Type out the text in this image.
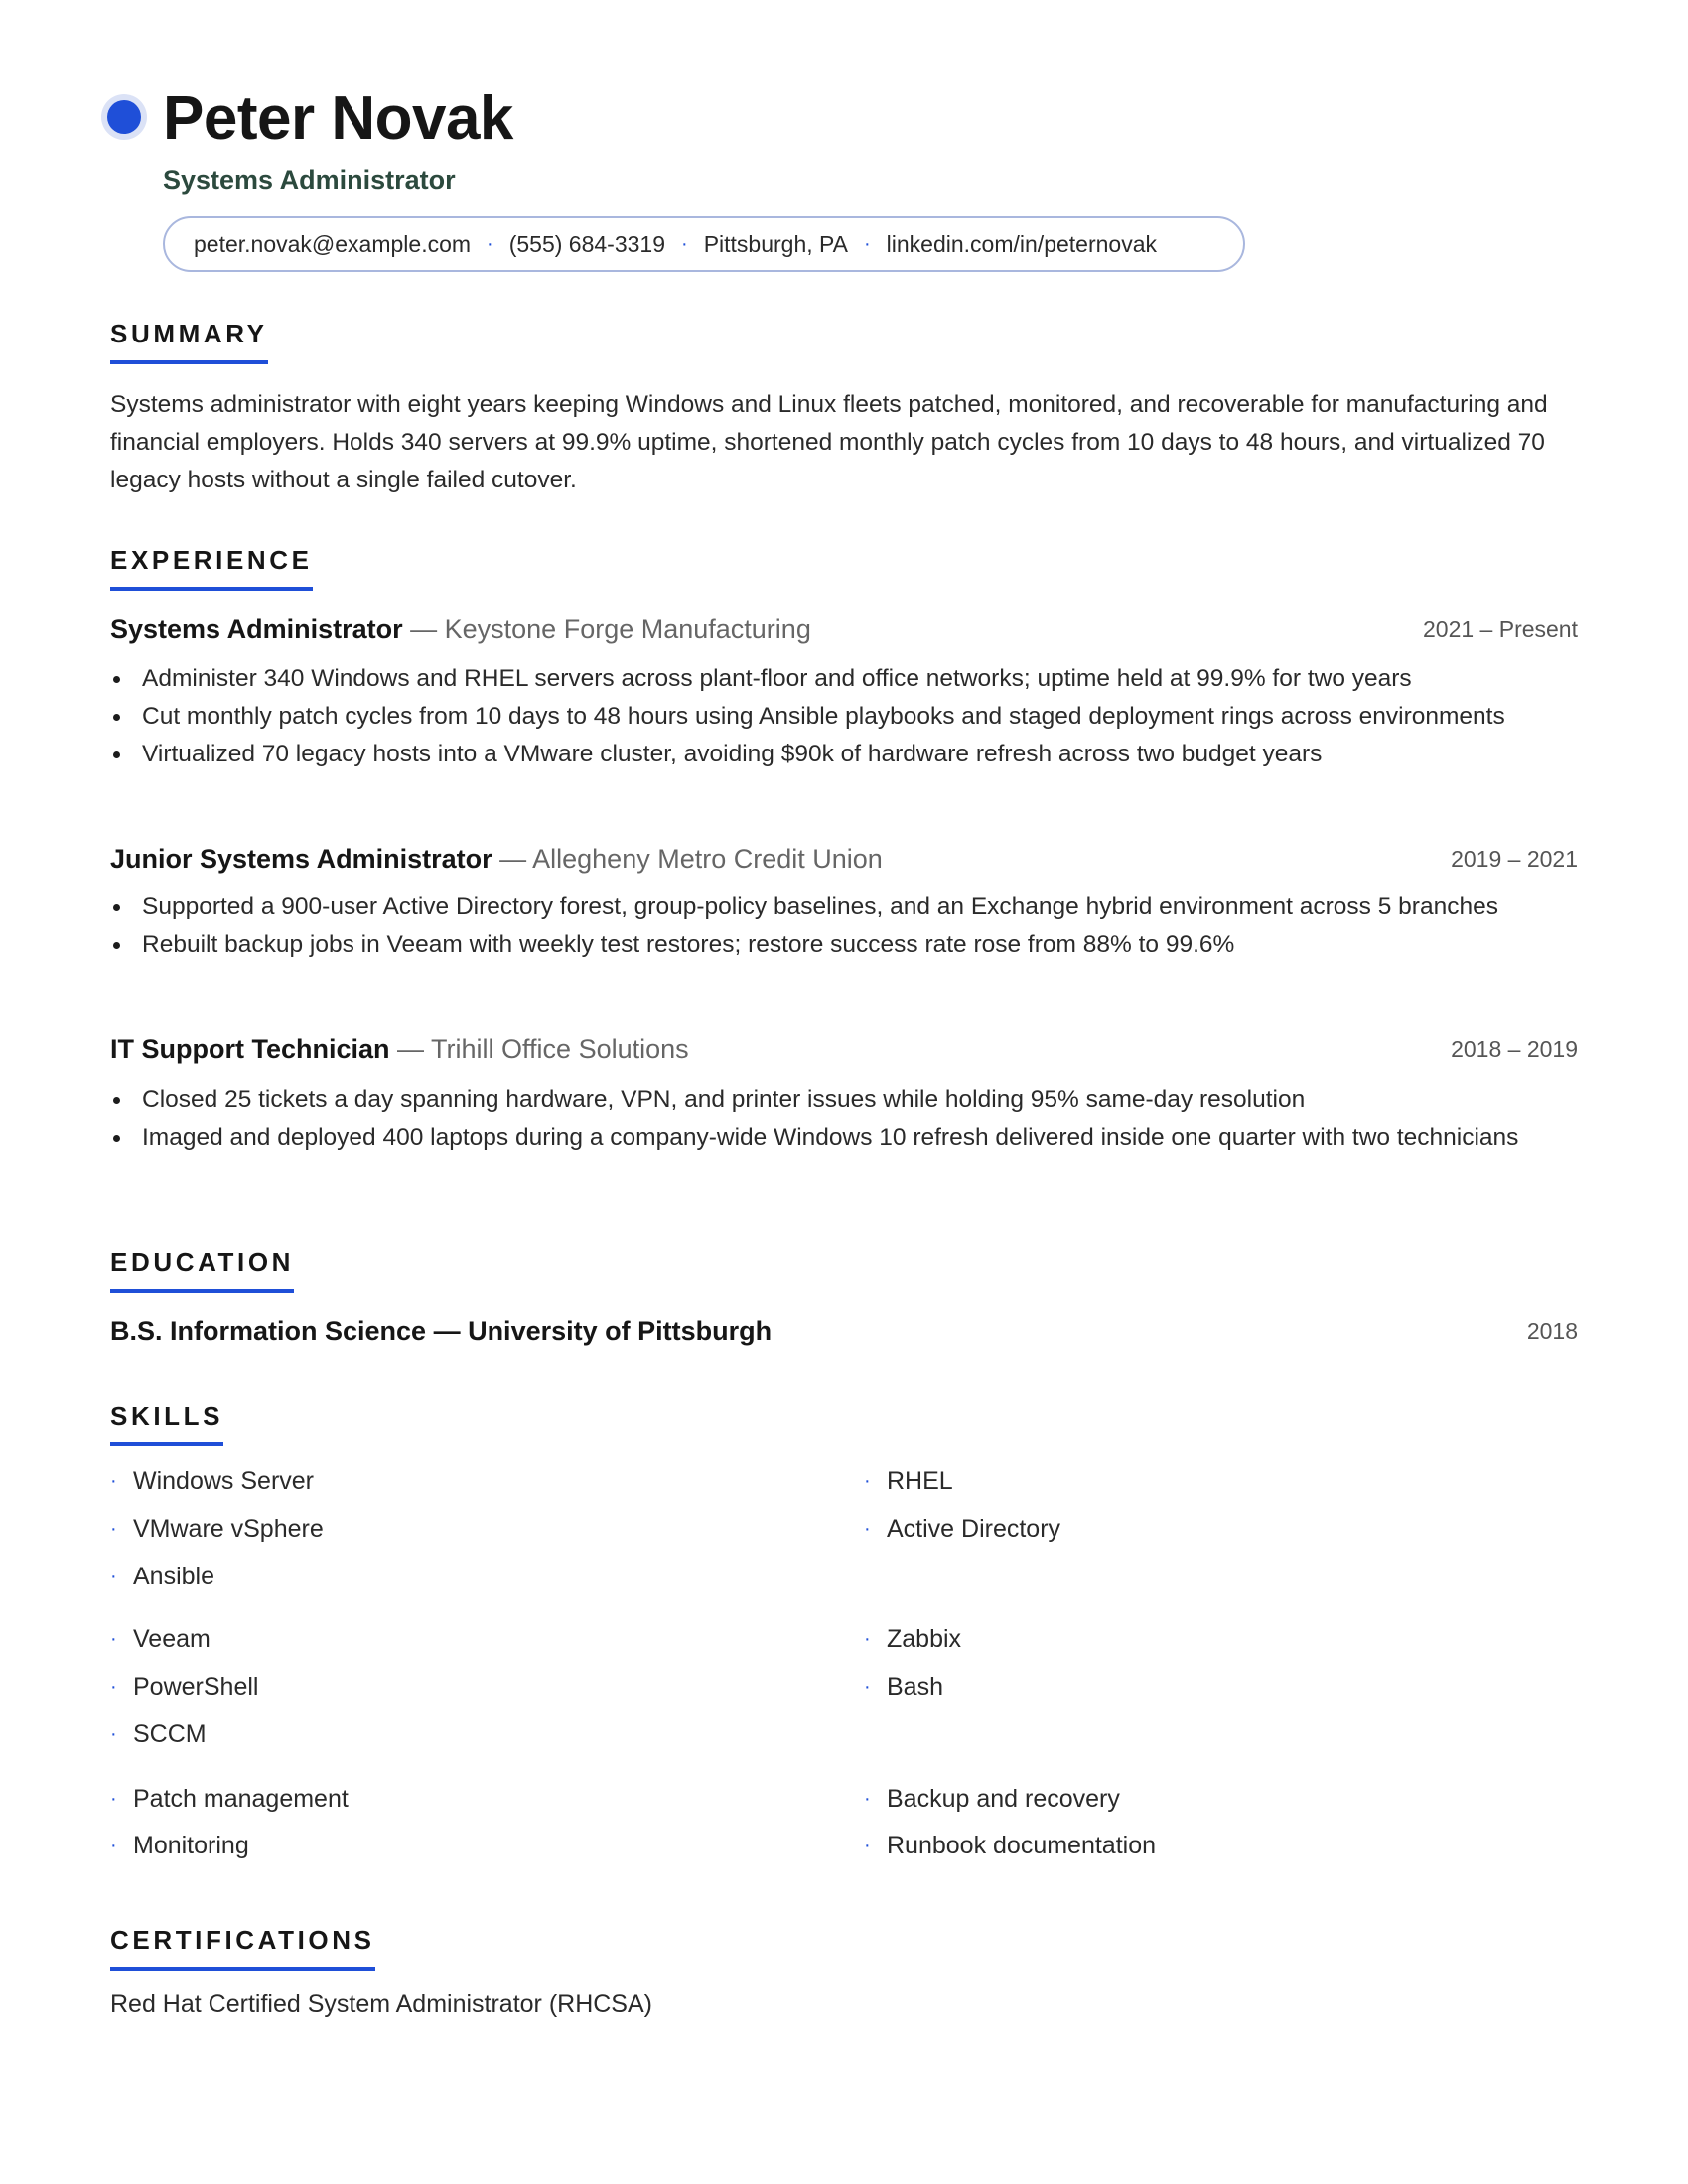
Peter Novak
Systems Administrator
peter.novak@example.com · (555) 684-3319 · Pittsburgh, PA · linkedin.com/in/peternovak
SUMMARY
Systems administrator with eight years keeping Windows and Linux fleets patched, monitored, and recoverable for manufacturing and financial employers. Holds 340 servers at 99.9% uptime, shortened monthly patch cycles from 10 days to 48 hours, and virtualized 70 legacy hosts without a single failed cutover.
EXPERIENCE
Systems Administrator — Keystone Forge Manufacturing	2021 – Present
Administer 340 Windows and RHEL servers across plant-floor and office networks; uptime held at 99.9% for two years
Cut monthly patch cycles from 10 days to 48 hours using Ansible playbooks and staged deployment rings across environments
Virtualized 70 legacy hosts into a VMware cluster, avoiding $90k of hardware refresh across two budget years
Junior Systems Administrator — Allegheny Metro Credit Union	2019 – 2021
Supported a 900-user Active Directory forest, group-policy baselines, and an Exchange hybrid environment across 5 branches
Rebuilt backup jobs in Veeam with weekly test restores; restore success rate rose from 88% to 99.6%
IT Support Technician — Trihill Office Solutions	2018 – 2019
Closed 25 tickets a day spanning hardware, VPN, and printer issues while holding 95% same-day resolution
Imaged and deployed 400 laptops during a company-wide Windows 10 refresh delivered inside one quarter with two technicians
EDUCATION
B.S. Information Science — University of Pittsburgh	2018
SKILLS
· Windows Server	· RHEL
· VMware vSphere	· Active Directory
· Ansible
· Veeam	· Zabbix
· PowerShell	· Bash
· SCCM
· Patch management	· Backup and recovery
· Monitoring	· Runbook documentation
CERTIFICATIONS
Red Hat Certified System Administrator (RHCSA)
